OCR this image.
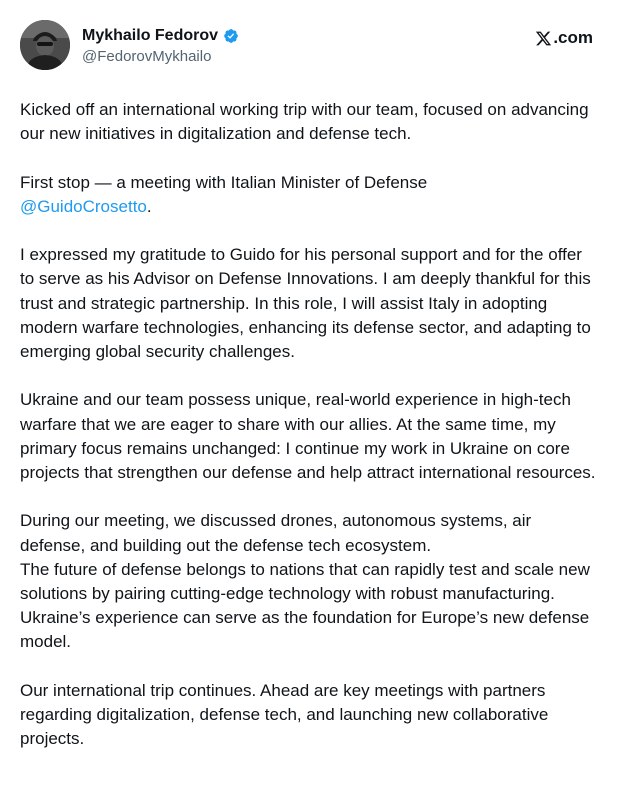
Mykhailo Fedorov
@FedorovMykhailo
.com

Kicked off an international working trip with our team, focused on advancing our new initiatives in digitalization and defense tech.

First stop — a meeting with Italian Minister of Defense
@GuidoCrosetto.

I expressed my gratitude to Guido for his personal support and for the offer to serve as his Advisor on Defense Innovations. I am deeply thankful for this trust and strategic partnership. In this role, I will assist Italy in adopting modern warfare technologies, enhancing its defense sector, and adapting to emerging global security challenges.

Ukraine and our team possess unique, real-world experience in high-tech warfare that we are eager to share with our allies. At the same time, my primary focus remains unchanged: I continue my work in Ukraine on core projects that strengthen our defense and help attract international resources.

During our meeting, we discussed drones, autonomous systems, air defense, and building out the defense tech ecosystem.
The future of defense belongs to nations that can rapidly test and scale new solutions by pairing cutting-edge technology with robust manufacturing. Ukraine’s experience can serve as the foundation for Europe’s new defense model.

Our international trip continues. Ahead are key meetings with partners regarding digitalization, defense tech, and launching new collaborative projects.
